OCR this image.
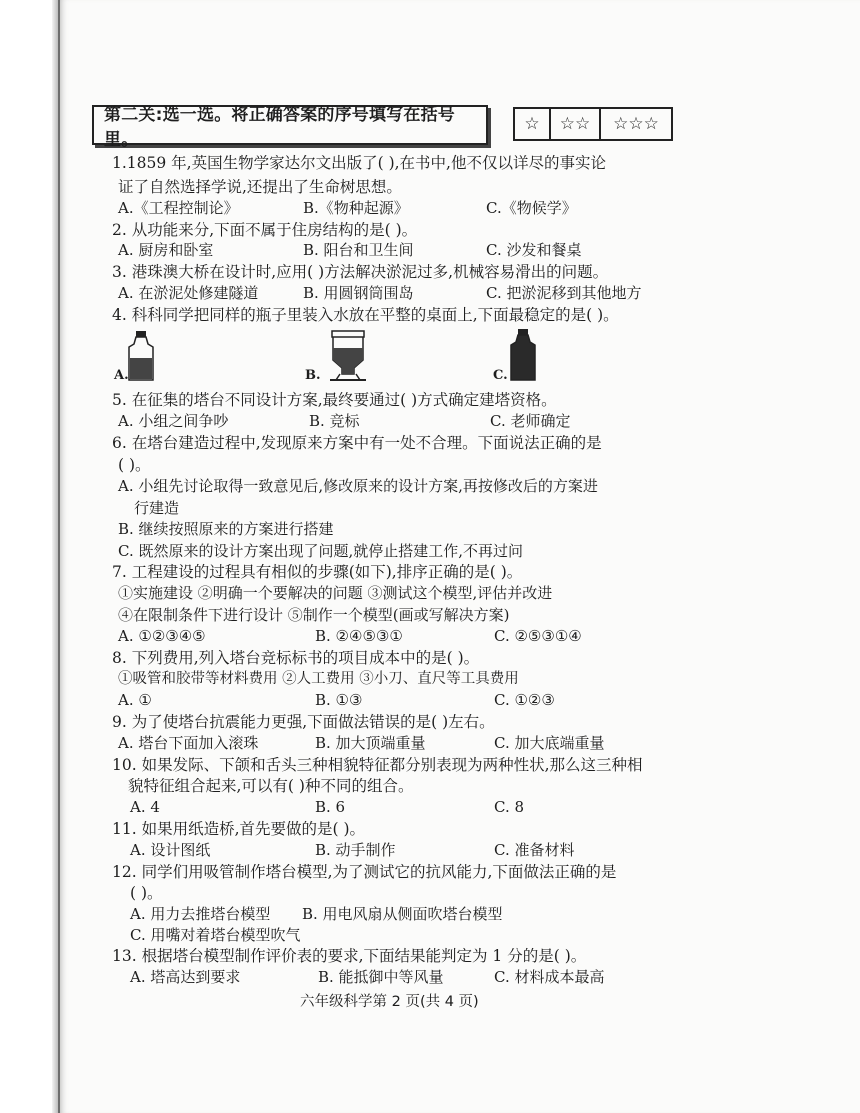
第二关:选一选。将正确答案的序号填写在括号里。
☆	☆☆	☆☆☆
1.1859 年,英国生物学家达尔文出版了( ),在书中,他不仅以详尽的事实论
证了自然选择学说,还提出了生命树思想。
A.《工程控制论》	B.《物种起源》	C.《物候学》
2. 从功能来分,下面不属于住房结构的是( )。
A. 厨房和卧室	B. 阳台和卫生间	C. 沙发和餐桌
3. 港珠澳大桥在设计时,应用( )方法解决淤泥过多,机械容易滑出的问题。
A. 在淤泥处修建隧道	B. 用圆钢筒围岛	C. 把淤泥移到其他地方
4. 科科同学把同样的瓶子里装入水放在平整的桌面上,下面最稳定的是( )。
A.	B.	C.
5. 在征集的塔台不同设计方案,最终要通过( )方式确定建塔资格。
A. 小组之间争吵	B. 竞标	C. 老师确定
6. 在塔台建造过程中,发现原来方案中有一处不合理。下面说法正确的是
( )。
A. 小组先讨论取得一致意见后,修改原来的设计方案,再按修改后的方案进
行建造
B. 继续按照原来的方案进行搭建
C. 既然原来的设计方案出现了问题,就停止搭建工作,不再过问
7. 工程建设的过程具有相似的步骤(如下),排序正确的是( )。
①实施建设 ②明确一个要解决的问题 ③测试这个模型,评估并改进
④在限制条件下进行设计 ⑤制作一个模型(画或写解决方案)
A. ①②③④⑤	B. ②④⑤③①	C. ②⑤③①④
8. 下列费用,列入塔台竞标标书的项目成本中的是( )。
①吸管和胶带等材料费用 ②人工费用 ③小刀、直尺等工具费用
A. ①	B. ①③	C. ①②③
9. 为了使塔台抗震能力更强,下面做法错误的是( )左右。
A. 塔台下面加入滚珠	B. 加大顶端重量	C. 加大底端重量
10. 如果发际、下颌和舌头三种相貌特征都分别表现为两种性状,那么这三种相
貌特征组合起来,可以有( )种不同的组合。
A. 4	B. 6	C. 8
11. 如果用纸造桥,首先要做的是( )。
A. 设计图纸	B. 动手制作	C. 准备材料
12. 同学们用吸管制作塔台模型,为了测试它的抗风能力,下面做法正确的是
( )。
A. 用力去推塔台模型 B. 用电风扇从侧面吹塔台模型
C. 用嘴对着塔台模型吹气
13. 根据塔台模型制作评价表的要求,下面结果能判定为 1 分的是( )。
A. 塔高达到要求	B. 能抵御中等风量	C. 材料成本最高
六年级科学第 2 页(共 4 页)
